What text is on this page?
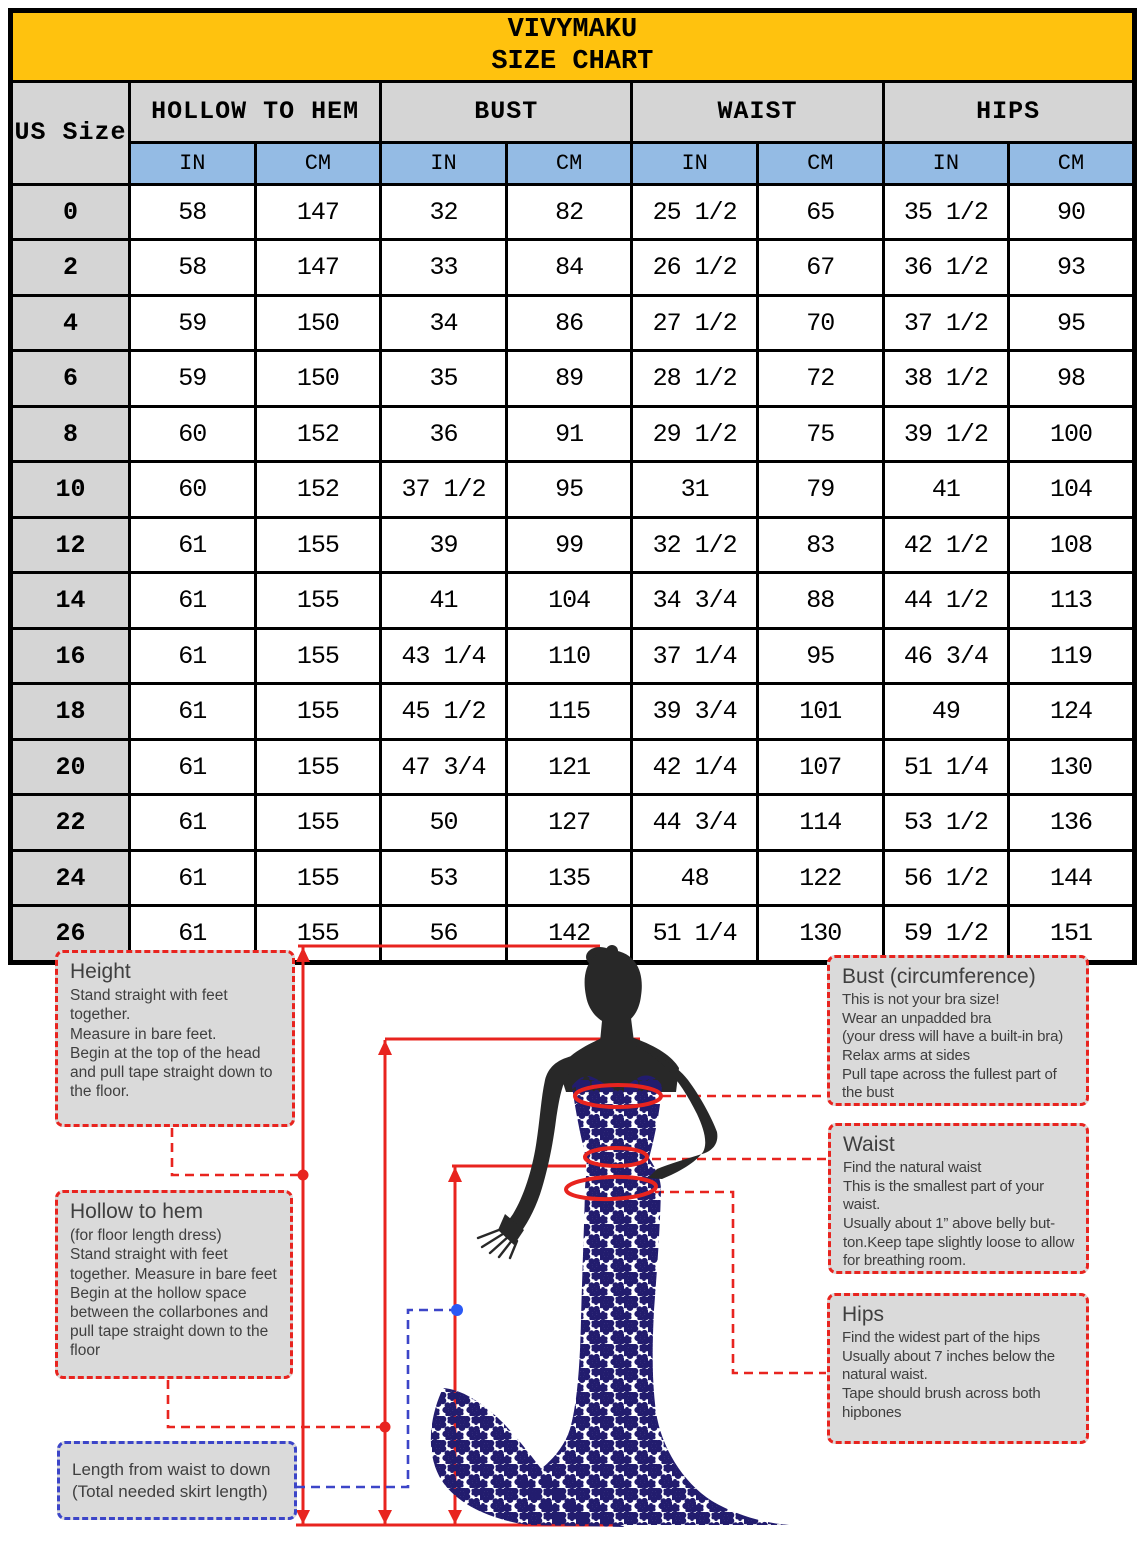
VIVYMAKU
SIZE CHART								

US Size	HOLLOW TO HEM		BUST		WAIST		HIPS	
	IN	CM	IN	CM	IN	CM	IN	CM
0	58	147	32	82	25 1/2	65	35 1/2	90
2	58	147	33	84	26 1/2	67	36 1/2	93
4	59	150	34	86	27 1/2	70	37 1/2	95
6	59	150	35	89	28 1/2	72	38 1/2	98
8	60	152	36	91	29 1/2	75	39 1/2	100
10	60	152	37 1/2	95	31	79	41	104
12	61	155	39	99	32 1/2	83	42 1/2	108
14	61	155	41	104	34 3/4	88	44 1/2	113
16	61	155	43 1/4	110	37 1/4	95	46 3/4	119
18	61	155	45 1/2	115	39 3/4	101	49	124
20	61	155	47 3/4	121	42 1/4	107	51 1/4	130
22	61	155	50	127	44 3/4	114	53 1/2	136
24	61	155	53	135	48	122	56 1/2	144
26	61	155	56	142	51 1/4	130	59 1/2	151
Height
Stand straight with feet together.
Measure in bare feet.
Begin at the top of the head and pull tape straight down to the floor.
Hollow to hem
(for floor length dress)
Stand straight with feet together. Measure in bare feet
Begin at the hollow space between the collarbones and pull tape straight down to the floor
Length from waist to down
(Total needed skirt length)
Bust (circumference)
This is not your bra size!
Wear an unpadded bra
(your dress will have a built-in bra)
Relax arms at sides
Pull tape across the fullest part of the bust
Waist
Find the natural waist
This is the smallest part of your waist.
Usually about 1” above belly but-ton.Keep tape slightly loose to allow for breathing room.
Hips
Find the widest part of the hips
Usually about 7 inches below the natural waist.
Tape should brush across both hipbones
